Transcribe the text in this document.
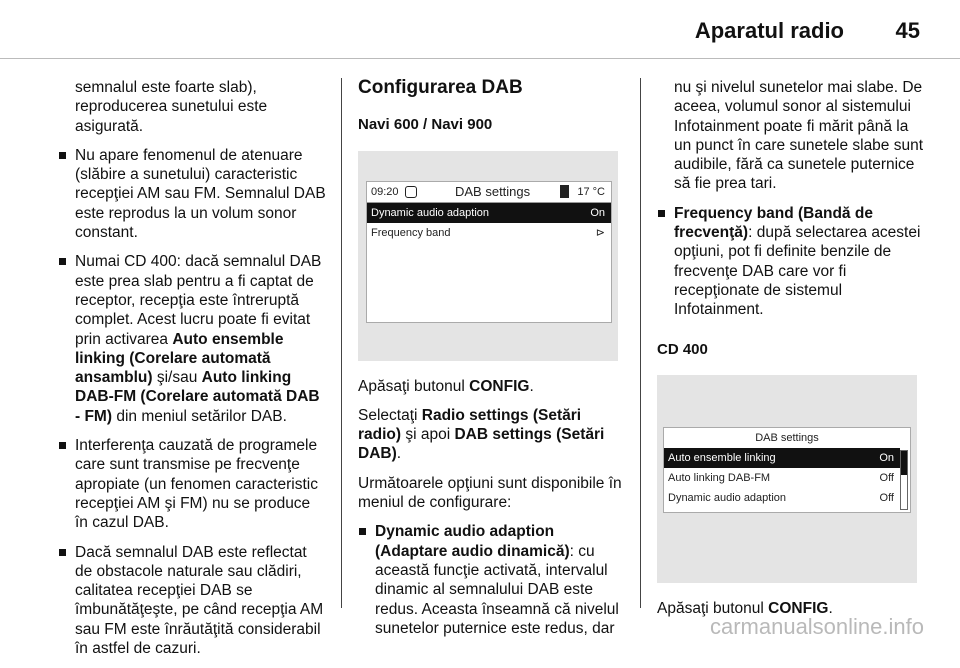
Aparatul radio 45

semnalul este foarte slab), reproducerea sunetului este asigurată.

Nu apare fenomenul de atenuare (slăbire a sunetului) caracteristic recepţiei AM sau FM. Semnalul DAB este reprodus la un volum sonor constant.
Numai CD 400: dacă semnalul DAB este prea slab pentru a fi captat de receptor, recepţia este întreruptă complet. Acest lucru poate fi evitat prin activarea Auto ensemble linking (Corelare automată ansamblu) şi/sau Auto linking DAB-FM (Corelare automată DAB - FM) din meniul setărilor DAB.
Interferenţa cauzată de programele care sunt transmise pe frecvenţe apropiate (un fenomen caracteristic recepţiei AM şi FM) nu se produce în cazul DAB.
Dacă semnalul DAB este reflectat de obstacole naturale sau clădiri, calitatea recepţiei DAB se îmbunătăţeşte, pe când recepţia AM sau FM este înrăutăţită considerabil în astfel de cazuri.
Configurarea DAB
Navi 600 / Navi 900
09:20	DAB settings	17 °C
Dynamic audio adaption	On
Frequency band	⊳

Apăsaţi butonul CONFIG.

Selectaţi Radio settings (Setări radio) şi apoi DAB settings (Setări DAB).

Următoarele opţiuni sunt disponibile în meniul de configurare:

Dynamic audio adaption (Adaptare audio dinamică): cu această funcţie activată, intervalul dinamic al semnalului DAB este redus. Aceasta înseamnă că nivelul sunetelor puternice este redus, dar

nu şi nivelul sunetelor mai slabe. De aceea, volumul sonor al sistemului Infotainment poate fi mărit până la un punct în care sunetele slabe sunt audibile, fără ca sunetele puternice să fie prea tari.

Frequency band (Bandă de frecvenţă): după selectarea acestei opţiuni, pot fi definite benzile de frecvenţe DAB care vor fi recepţionate de sistemul Infotainment.
CD 400
DAB settings
Auto ensemble linking	On
Auto linking DAB-FM	Off
Dynamic audio adaption	Off

Apăsaţi butonul CONFIG.

carmanualsonline.info
